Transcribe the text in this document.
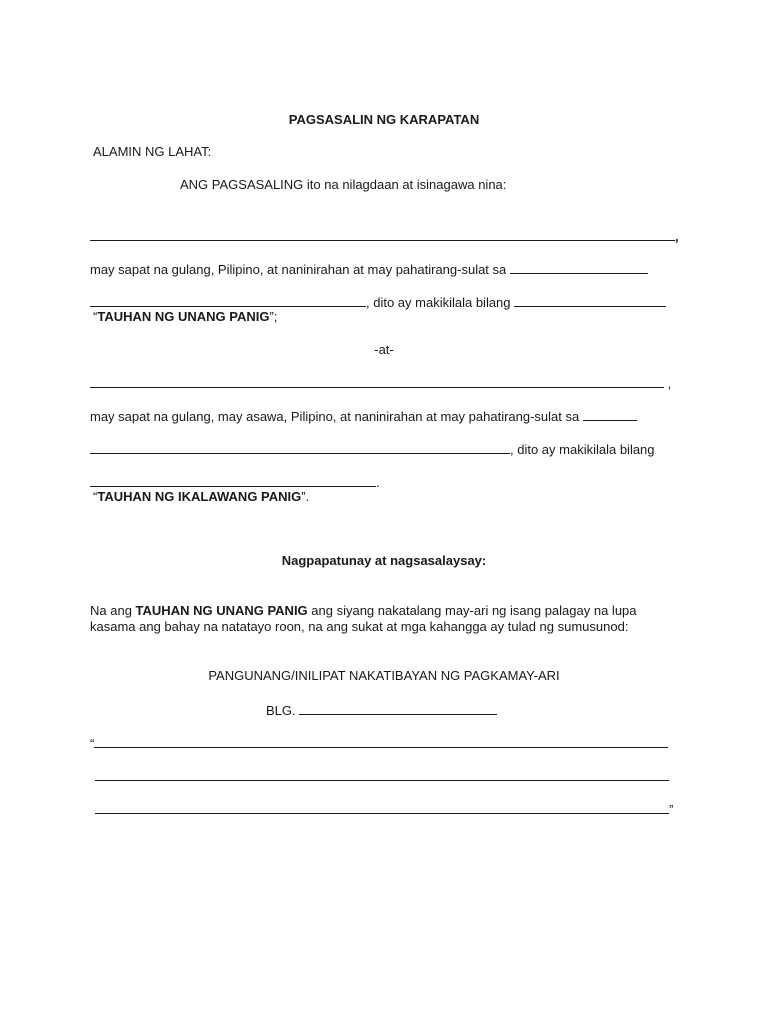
PAGSASALIN NG KARAPATAN
ALAMIN NG LAHAT:
ANG PAGSASALING ito na nilagdaan at isinagawa nina:
,
may sapat na gulang, Pilipino, at naninirahan at may pahatirang-sulat sa
, dito ay makikilala bilang
“TAUHAN NG UNANG PANIG”;
-at-
,
may sapat na gulang, may asawa, Pilipino, at naninirahan at may pahatirang-sulat sa
, dito ay makikilala bilang
.
“TAUHAN NG IKALAWANG PANIG”.
Nagpapatunay at nagsasalaysay:
Na ang TAUHAN NG UNANG PANIG ang siyang nakatalang may-ari ng isang palagay na lupa
kasama ang bahay na natatayo roon, na ang sukat at mga kahangga ay tulad ng sumusunod:
PANGUNANG/INILIPAT NAKATIBAYAN NG PAGKAMAY-ARI
BLG.
“
”
